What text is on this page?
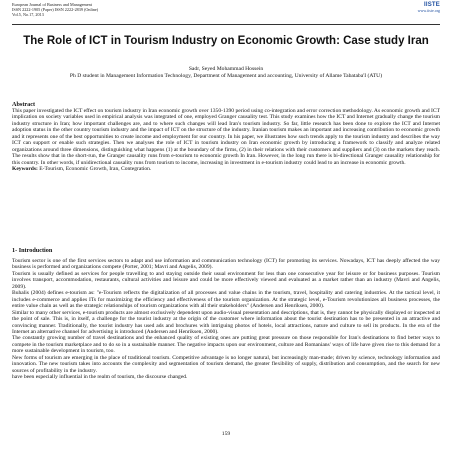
European Journal of Business and Management
ISSN 2222-1905 (Paper) ISSN 2222-2839 (Online)
Vol.5, No.17, 2013
IISTE
www.iiste.org
The Role of ICT in Tourism Industry on Economic Growth: Case study Iran
Sadr, Seyed Mohammad Hossein
Ph D student in Management Information Technology, Department of Management and accounting, University of Allame Tabataba'I (ATU)
Abstract

This paper investigated the ICT effect on tourism industry in Iran economic growth over 1350-1390 period using co-integration and error correction methodology. As economic growth and ICT implication on society variables used in empirical analysis was integrated of one, employed Granger causality test. This study examines how the ICT and Internet gradually change the tourism industry structure in Iran; how important challenges are, and to where such changes will lead Iran's tourism industry. So far, little research has been done to explore the ICT and Internet adoption status in the other country tourism industry and the impact of ICT on the structure of the industry. Iranian tourism makes an important and increasing contribution to economic growth and it represents one of the best opportunities to create income and employment for our country. In his paper, we illustrates how such trends apply to the tourism industry and describes the way ICT can support or enable such strategies. Then we analyses the role of ICT in tourism industry on Iran economic growth by introducing a framework to classify and analyze related organizations around three dimensions, distinguishing what happens (1) at the boundary of the firms, (2) in their relations with their customers and suppliers and (3) on the markets they reach. The results show that in the short-run, the Granger causality runs from e-tourism to economic growth In Iran. However, in the long run there is bi-directional Granger causality relationship for this country. In other words, if unidirectional causality runs from tourism to income, increasing in investment in e-tourism industry could lead to an increase in economic growth.

Keywords: E-Tourism, Economic Growth, Iran, Contegration.

1- Introduction

Tourism sector is one of the first services sectors to adapt and use information and communication technology (ICT) for promoting its services. Nowadays, ICT has deeply affected the way business is performed and organizations compete (Porter, 2001; Mavri and Angelis, 2009).

Tourism is usually defined as services for people travelling to and staying outside their usual environment for less than one consecutive year for leisure or for business purposes. Tourism involves transport, accommodation, restaurants, cultural activities and leisure and could be more effectively viewed and evaluated as a market rather than an industry (Mavri and Angelis, 2009).

Buhalis (2004) defines e-tourism as: "e-Tourism reflects the digitalization of all processes and value chains in the tourism, travel, hospitality and catering industries. At the tactical level, it includes e-commerce and applies ITs for maximizing the efficiency and effectiveness of the tourism organization. At the strategic level, e-Tourism revolutionizes all business processes, the entire value chain as well as the strategic relationships of tourism organizations with all their stakeholders" (Andersen and Henriksen, 2000).

Similar to many other services, e-tourism products are almost exclusively dependent upon audio-visual presentation and descriptions, that is, they cannot be physically displayed or inspected at the point of sale. This is, in itself, a challenge for the tourist industry at the origin of the customer where information about the tourist destination has to be presented in an attractive and convincing manner. Traditionally, the tourist industry has used ads and brochures with intriguing photos of hotels, local attractions, nature and culture to sell its products. In the era of the Internet an alternative channel for advertising is introduced (Andersen and Henriksen, 2000).

The constantly growing number of travel destinations and the enhanced quality of existing ones are putting great pressure on those responsible for Iran's destinations to find better ways to compete in the tourism marketplace and to do so in a sustainable manner. The negative impacts upon our environment, culture and Romanians' ways of life have given rise to this demand for a more sustainable development in tourism, too.

New forms of tourism are emerging in the place of traditional tourism. Competitive advantage is no longer natural, but increasingly man-made; driven by science, technology information and innovation. The new tourism takes into accounts the complexity and segmentation of tourism demand, the greater flexibility of supply, distribution and consumption, and the search for new sources of profitability in the industry.

have been especially influential in the realm of tourism, the discourse changed.

159
